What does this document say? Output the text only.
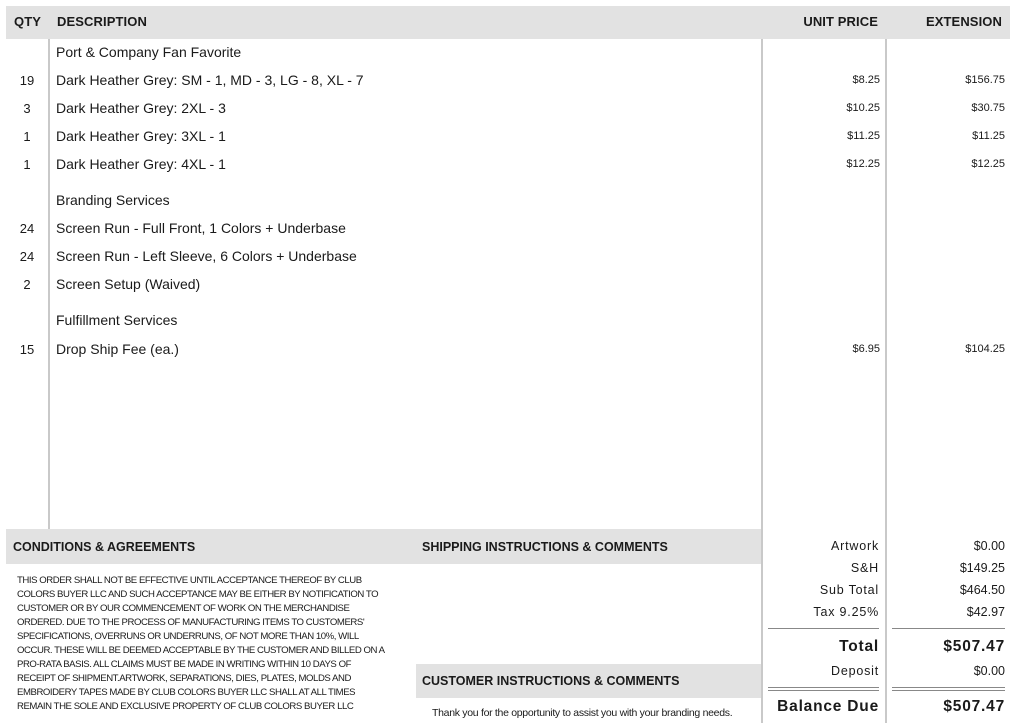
QTY DESCRIPTION	UNIT PRICE	EXTENSION
Port & Company Fan Favorite
19	Dark Heather Grey: SM - 1, MD - 3, LG - 8, XL - 7	$8.25	$156.75
3	Dark Heather Grey: 2XL - 3	$10.25	$30.75
1	Dark Heather Grey: 3XL - 1	$11.25	$11.25
1	Dark Heather Grey: 4XL - 1	$12.25	$12.25
Branding Services
24	Screen Run - Full Front, 1 Colors + Underbase
24	Screen Run - Left Sleeve, 6 Colors + Underbase
2	Screen Setup (Waived)
Fulfillment Services
15	Drop Ship Fee (ea.)	$6.95	$104.25
CONDITIONS & AGREEMENTS	SHIPPING INSTRUCTIONS & COMMENTS
THIS ORDER SHALL NOT BE EFFECTIVE UNTIL ACCEPTANCE THEREOF BY CLUB
COLORS BUYER LLC AND SUCH ACCEPTANCE MAY BE EITHER BY NOTIFICATION TO
CUSTOMER OR BY OUR COMMENCEMENT OF WORK ON THE MERCHANDISE
ORDERED. DUE TO THE PROCESS OF MANUFACTURING ITEMS TO CUSTOMERS'
SPECIFICATIONS, OVERRUNS OR UNDERRUNS, OF NOT MORE THAN 10%, WILL
OCCUR. THESE WILL BE DEEMED ACCEPTABLE BY THE CUSTOMER AND BILLED ON A
PRO-RATA BASIS. ALL CLAIMS MUST BE MADE IN WRITING WITHIN 10 DAYS OF
RECEIPT OF SHIPMENT.ARTWORK, SEPARATIONS, DIES, PLATES, MOLDS AND
EMBROIDERY TAPES MADE BY CLUB COLORS BUYER LLC SHALL AT ALL TIMES
REMAIN THE SOLE AND EXCLUSIVE PROPERTY OF CLUB COLORS BUYER LLC
CUSTOMER INSTRUCTIONS & COMMENTS
Thank you for the opportunity to assist you with your branding needs.
Artwork	$0.00
S&H	$149.25
Sub Total	$464.50
Tax 9.25%	$42.97
Total	$507.47
Deposit	$0.00
Balance Due	$507.47
